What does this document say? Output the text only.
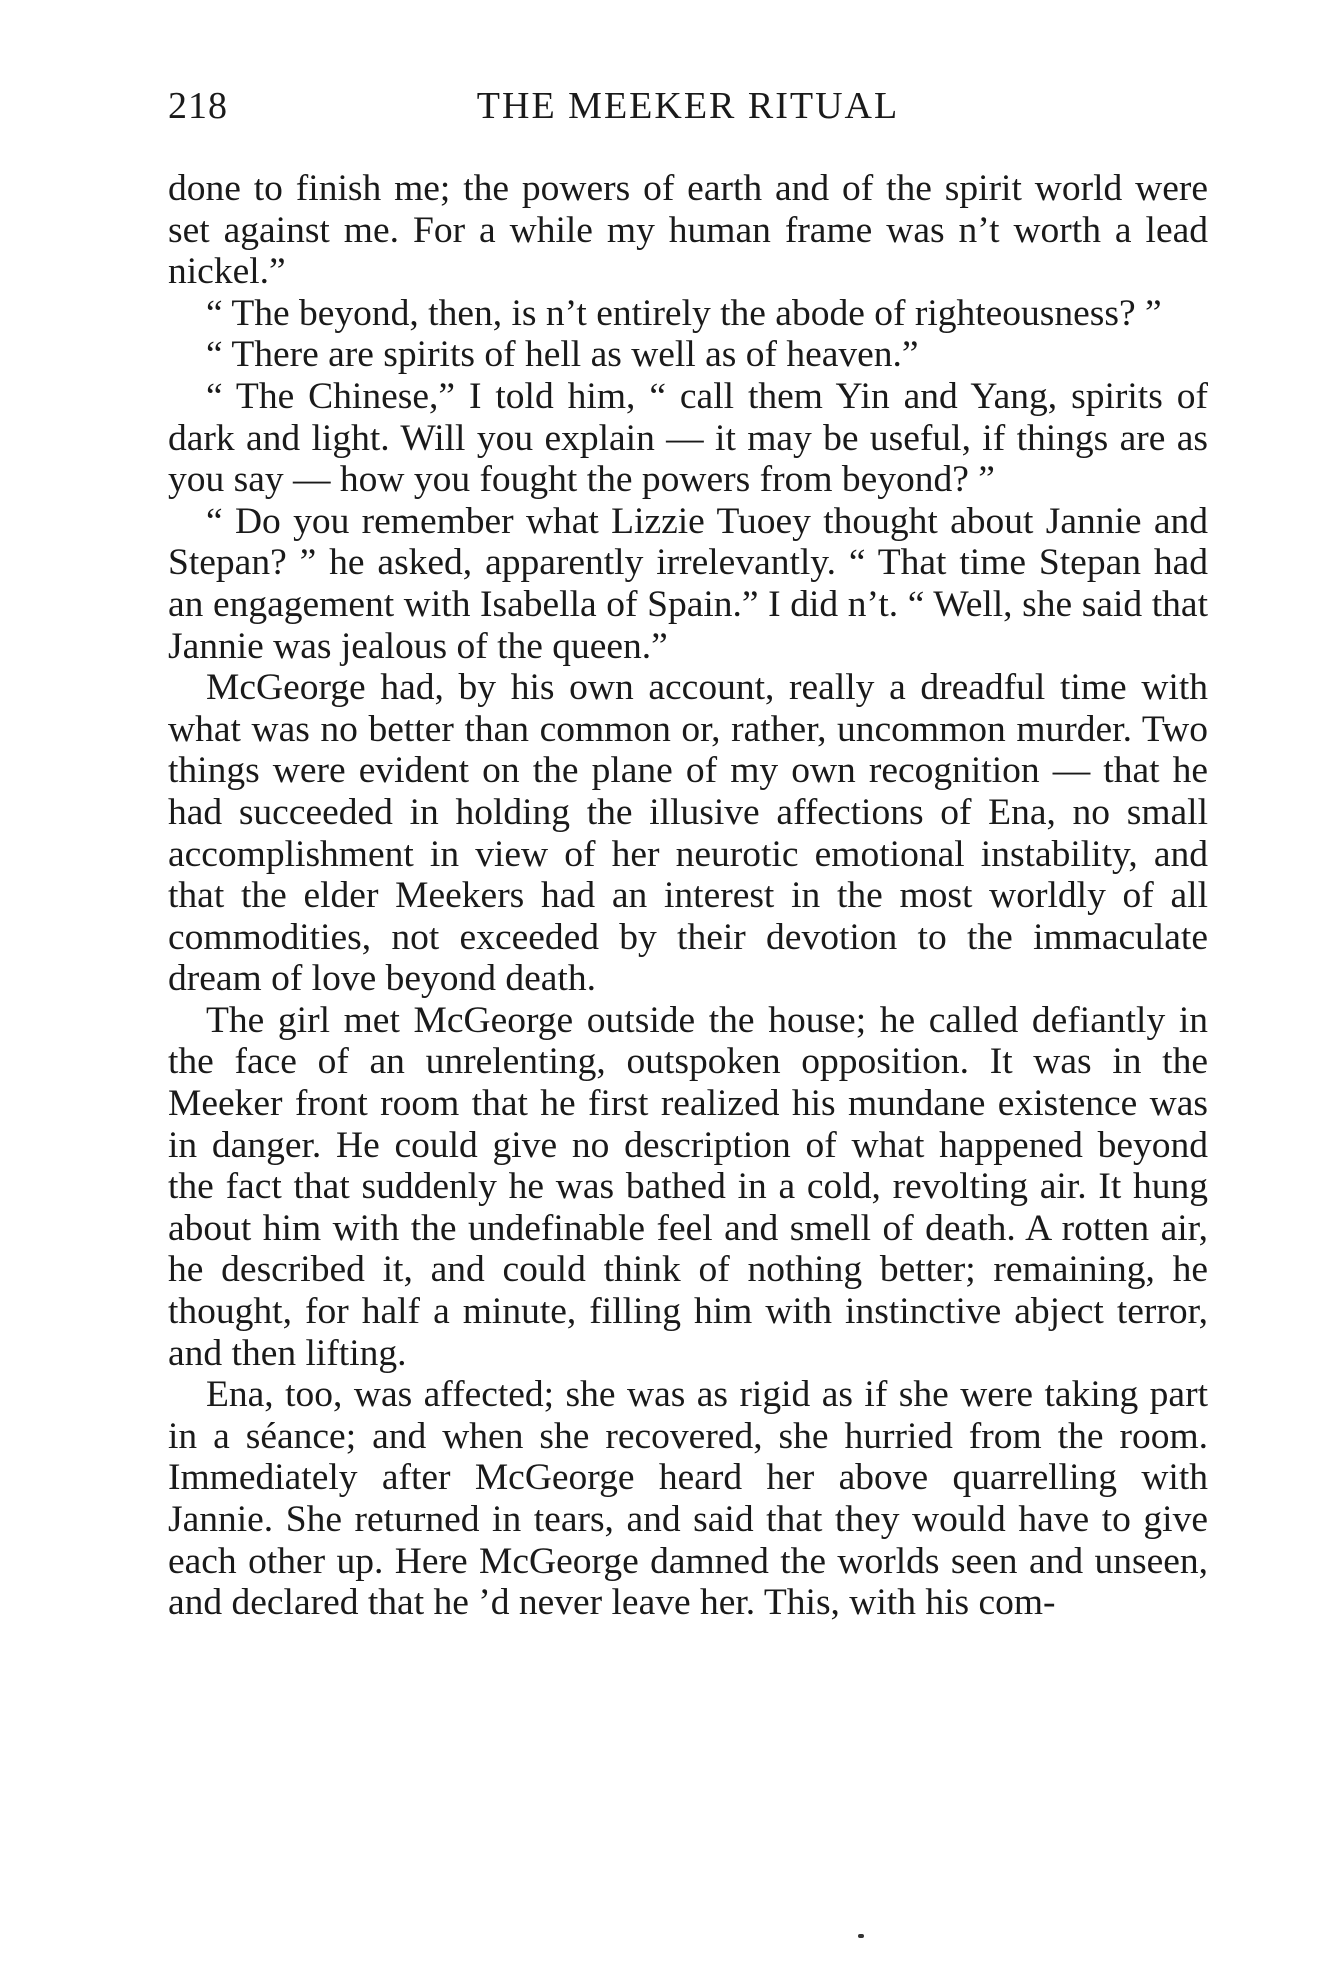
218	THE MEEKER RITUAL

done to finish me; the powers of earth and of the spirit world were set against me. For a while my human frame was n’t worth a lead nickel.”

“ The beyond, then, is n’t entirely the abode of righteousness? ”

“ There are spirits of hell as well as of heaven.”

“ The Chinese,” I told him, “ call them Yin and Yang, spirits of dark and light. Will you explain — it may be useful, if things are as you say — how you fought the powers from beyond? ”

“ Do you remember what Lizzie Tuoey thought about Jannie and Stepan? ” he asked, apparently irrelevantly. “ That time Stepan had an engagement with Isabella of Spain.” I did n’t. “ Well, she said that Jannie was jealous of the queen.”

McGeorge had, by his own account, really a dreadful time with what was no better than common or, rather, uncommon murder. Two things were evident on the plane of my own recognition — that he had succeeded in holding the illusive affections of Ena, no small accomplishment in view of her neurotic emotional instability, and that the elder Meekers had an interest in the most worldly of all commodities, not exceeded by their devotion to the immaculate dream of love beyond death.

The girl met McGeorge outside the house; he called defiantly in the face of an unrelenting, outspoken opposition. It was in the Meeker front room that he first realized his mundane existence was in danger. He could give no description of what happened beyond the fact that suddenly he was bathed in a cold, revolting air. It hung about him with the undefinable feel and smell of death. A rotten air, he described it, and could think of nothing better; remaining, he thought, for half a minute, filling him with instinctive abject terror, and then lifting.

Ena, too, was affected; she was as rigid as if she were taking part in a séance; and when she recovered, she hurried from the room. Immediately after McGeorge heard her above quarrelling with Jannie. She returned in tears, and said that they would have to give each other up. Here McGeorge damned the worlds seen and unseen, and declared that he ’d never leave her. This, with his com-
